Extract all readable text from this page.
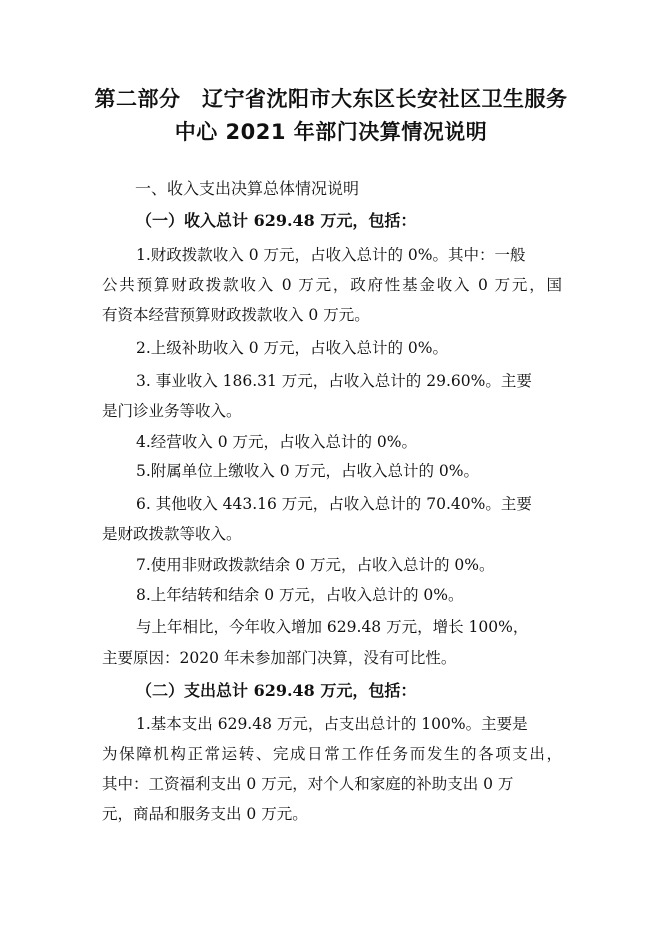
第二部分　辽宁省沈阳市大东区长安社区卫生服务
中心 2021 年部门决算情况说明
一、收入支出决算总体情况说明
（一）收入总计 629.48 万元，包括：
1.财政拨款收入 0 万元，占收入总计的 0%。其中：一般
公共预算财政拨款收入 0 万元，政府性基金收入 0 万元，国
有资本经营预算财政拨款收入 0 万元。
2.上级补助收入 0 万元，占收入总计的 0%。
3. 事业收入 186.31 万元，占收入总计的 29.60%。主要
是门诊业务等收入。
4.经营收入 0 万元，占收入总计的 0%。
5.附属单位上缴收入 0 万元，占收入总计的 0%。
6. 其他收入 443.16 万元，占收入总计的 70.40%。主要
是财政拨款等收入。
7.使用非财政拨款结余 0 万元，占收入总计的 0%。
8.上年结转和结余 0 万元，占收入总计的 0%。
与上年相比，今年收入增加 629.48 万元，增长 100%，
主要原因：2020 年未参加部门决算，没有可比性。
（二）支出总计 629.48 万元，包括：
1.基本支出 629.48 万元，占支出总计的 100%。主要是
为保障机构正常运转、完成日常工作任务而发生的各项支出，
其中：工资福利支出 0 万元，对个人和家庭的补助支出 0 万
元，商品和服务支出 0 万元。
